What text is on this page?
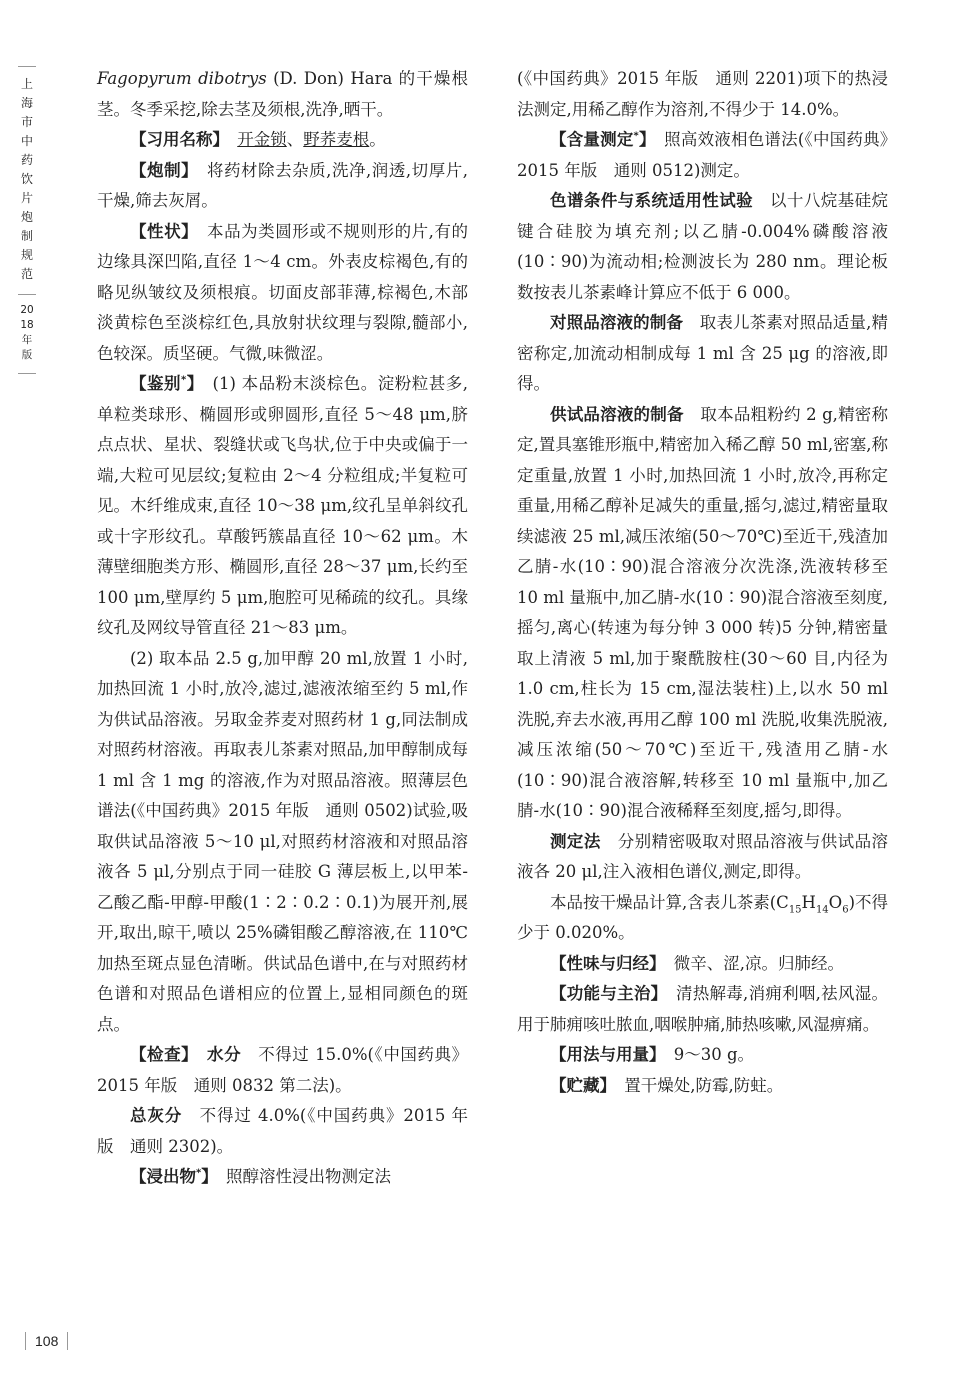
上海市中药饮片炮制规范
2018年版
108

Fagopyrum dibotrys (D. Don) Hara 的干燥根茎。冬季采挖,除去茎及须根,洗净,晒干。

【习用名称】　 开金锁、野荞麦根。

【炮制】　 将药材除去杂质,洗净,润透,切厚片,干燥,筛去灰屑。

【性状】　 本品为类圆形或不规则形的片,有的边缘具深凹陷,直径 1～4 cm。外表皮棕褐色,有的略见纵皱纹及须根痕。切面皮部菲薄,棕褐色,木部淡黄棕色至淡棕红色,具放射状纹理与裂隙,髓部小,色较深。质坚硬。气微,味微涩。

【鉴别*】　 (1) 本品粉末淡棕色。淀粉粒甚多,单粒类球形、椭圆形或卵圆形,直径 5～48 μm,脐点点状、星状、裂缝状或飞鸟状,位于中央或偏于一端,大粒可见层纹;复粒由 2～4 分粒组成;半复粒可见。木纤维成束,直径 10～38 μm,纹孔呈单斜纹孔或十字形纹孔。草酸钙簇晶直径 10～62 μm。木薄壁细胞类方形、椭圆形,直径 28～37 μm,长约至 100 μm,壁厚约 5 μm,胞腔可见稀疏的纹孔。具缘纹孔及网纹导管直径 21～83 μm。

(2) 取本品 2.5 g,加甲醇 20 ml,放置 1 小时,加热回流 1 小时,放冷,滤过,滤液浓缩至约 5 ml,作为供试品溶液。另取金荞麦对照药材 1 g,同法制成对照药材溶液。再取表儿茶素对照品,加甲醇制成每 1 ml 含 1 mg 的溶液,作为对照品溶液。照薄层色谱法(《中国药典》2015 年版　通则 0502)试验,吸取供试品溶液 5～10 μl,对照药材溶液和对照品溶液各 5 μl,分别点于同一硅胶 G 薄层板上,以甲苯-乙酸乙酯-甲醇-甲酸(1∶2∶0.2∶0.1)为展开剂,展开,取出,晾干,喷以 25%磷钼酸乙醇溶液,在 110℃ 加热至斑点显色清晰。供试品色谱中,在与对照药材色谱和对照品色谱相应的位置上,显相同颜色的斑点。

【检查】　 水分　 不得过 15.0%(《中国药典》2015 年版　通则 0832 第二法)。

总灰分　 不得过 4.0%(《中国药典》2015 年版　通则 2302)。

【浸出物*】　 照醇溶性浸出物测定法

(《中国药典》2015 年版　通则 2201)项下的热浸法测定,用稀乙醇作为溶剂,不得少于 14.0%。

【含量测定*】　 照高效液相色谱法(《中国药典》2015 年版　通则 0512)测定。

色谱条件与系统适用性试验　 以十八烷基硅烷键合硅胶为填充剂;以乙腈-0.004%磷酸溶液(10∶90)为流动相;检测波长为 280 nm。理论板数按表儿茶素峰计算应不低于 6 000。

对照品溶液的制备　 取表儿茶素对照品适量,精密称定,加流动相制成每 1 ml 含 25 μg 的溶液,即得。

供试品溶液的制备　 取本品粗粉约 2 g,精密称定,置具塞锥形瓶中,精密加入稀乙醇 50 ml,密塞,称定重量,放置 1 小时,加热回流 1 小时,放冷,再称定重量,用稀乙醇补足减失的重量,摇匀,滤过,精密量取续滤液 25 ml,减压浓缩(50～70℃)至近干,残渣加乙腈-水(10∶90)混合溶液分次洗涤,洗液转移至 10 ml 量瓶中,加乙腈-水(10∶90)混合溶液至刻度,摇匀,离心(转速为每分钟 3 000 转)5 分钟,精密量取上清液 5 ml,加于聚酰胺柱(30～60 目,内径为 1.0 cm,柱长为 15 cm,湿法装柱)上,以水 50 ml 洗脱,弃去水液,再用乙醇 100 ml 洗脱,收集洗脱液,减压浓缩(50～70℃)至近干,残渣用乙腈-水(10∶90)混合液溶解,转移至 10 ml 量瓶中,加乙腈-水(10∶90)混合液稀释至刻度,摇匀,即得。

测定法　 分别精密吸取对照品溶液与供试品溶液各 20 μl,注入液相色谱仪,测定,即得。

本品按干燥品计算,含表儿茶素$(C_{15}H_{14}O_6)$不得少于 0.020%。

【性味与归经】　 微辛、涩,凉。归肺经。

【功能与主治】　 清热解毒,消痈利咽,祛风湿。用于肺痈咳吐脓血,咽喉肿痛,肺热咳嗽,风湿痹痛。

【用法与用量】　 9～30 g。

【贮藏】　 置干燥处,防霉,防蛀。
